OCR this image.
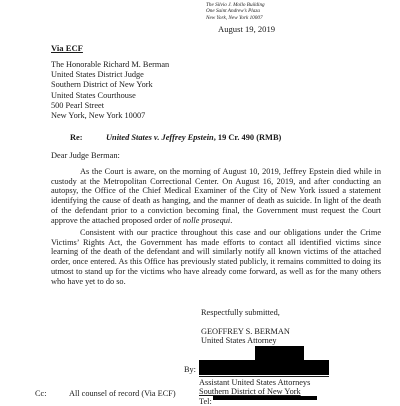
The Silvio J. Mollo Building
One Saint Andrew’s Plaza
New York, New York 10007
August 19, 2019
Via ECF
The Honorable Richard M. Berman
United States District Judge
Southern District of New York
United States Courthouse
500 Pearl Street
New York, New York 10007
Re:	United States v. Jeffrey Epstein, 19 Cr. 490 (RMB)
Dear Judge Berman:
As the Court is aware, on the morning of August 10, 2019, Jeffrey Epstein died while in custody at the Metropolitan Correctional Center. On August 16, 2019, and after conducting an autopsy, the Office of the Chief Medical Examiner of the City of New York issued a statement identifying the cause of death as hanging, and the manner of death as suicide. In light of the death of the defendant prior to a conviction becoming final, the Government must request the Court approve the attached proposed order of nolle prosequi.
Consistent with our practice throughout this case and our obligations under the Crime Victims’ Rights Act, the Government has made efforts to contact all identified victims since learning of the death of the defendant and will similarly notify all known victims of the attached order, once entered. As this Office has previously stated publicly, it remains committed to doing its utmost to stand up for the victims who have already come forward, as well as for the many others who have yet to do so.
Respectfully submitted,
GEOFFREY S. BERMAN
United States Attorney
By:
Assistant United States Attorneys
Southern District of New York
Tel:
Cc:	All counsel of record (Via ECF)
